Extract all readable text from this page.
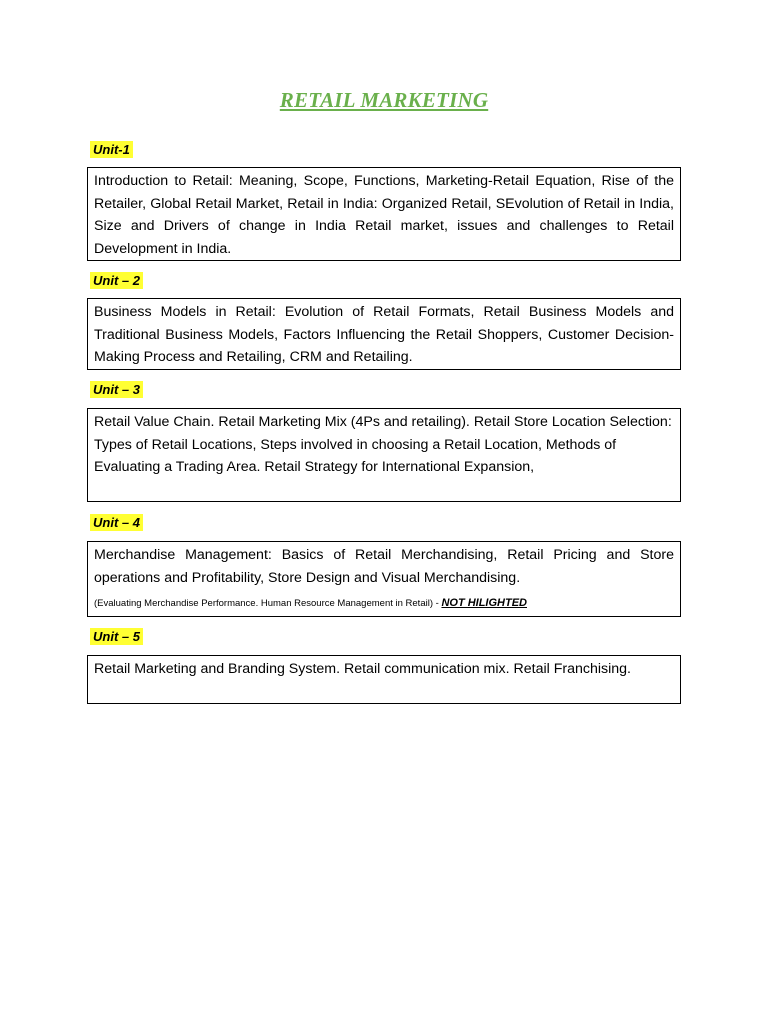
RETAIL MARKETING
Unit-1
Introduction to Retail: Meaning, Scope, Functions, Marketing-Retail Equation, Rise of the Retailer, Global Retail Market, Retail in India: Organized Retail, SEvolution of Retail in India, Size and Drivers of change in India Retail market, issues and challenges to Retail Development in India.
Unit – 2
Business Models in Retail: Evolution of Retail Formats, Retail Business Models and Traditional Business Models, Factors Influencing the Retail Shoppers, Customer Decision-Making Process and Retailing, CRM and Retailing.
Unit – 3
Retail Value Chain. Retail Marketing Mix (4Ps and retailing). Retail Store Location Selection: Types of Retail Locations, Steps involved in choosing a Retail Location, Methods of Evaluating a Trading Area. Retail Strategy for International Expansion,
Unit – 4
Merchandise Management: Basics of Retail Merchandising, Retail Pricing and Store operations and Profitability, Store Design and Visual Merchandising.
(Evaluating Merchandise Performance. Human Resource Management in Retail) - NOT HILIGHTED
Unit – 5
Retail Marketing and Branding System. Retail communication mix. Retail Franchising.
